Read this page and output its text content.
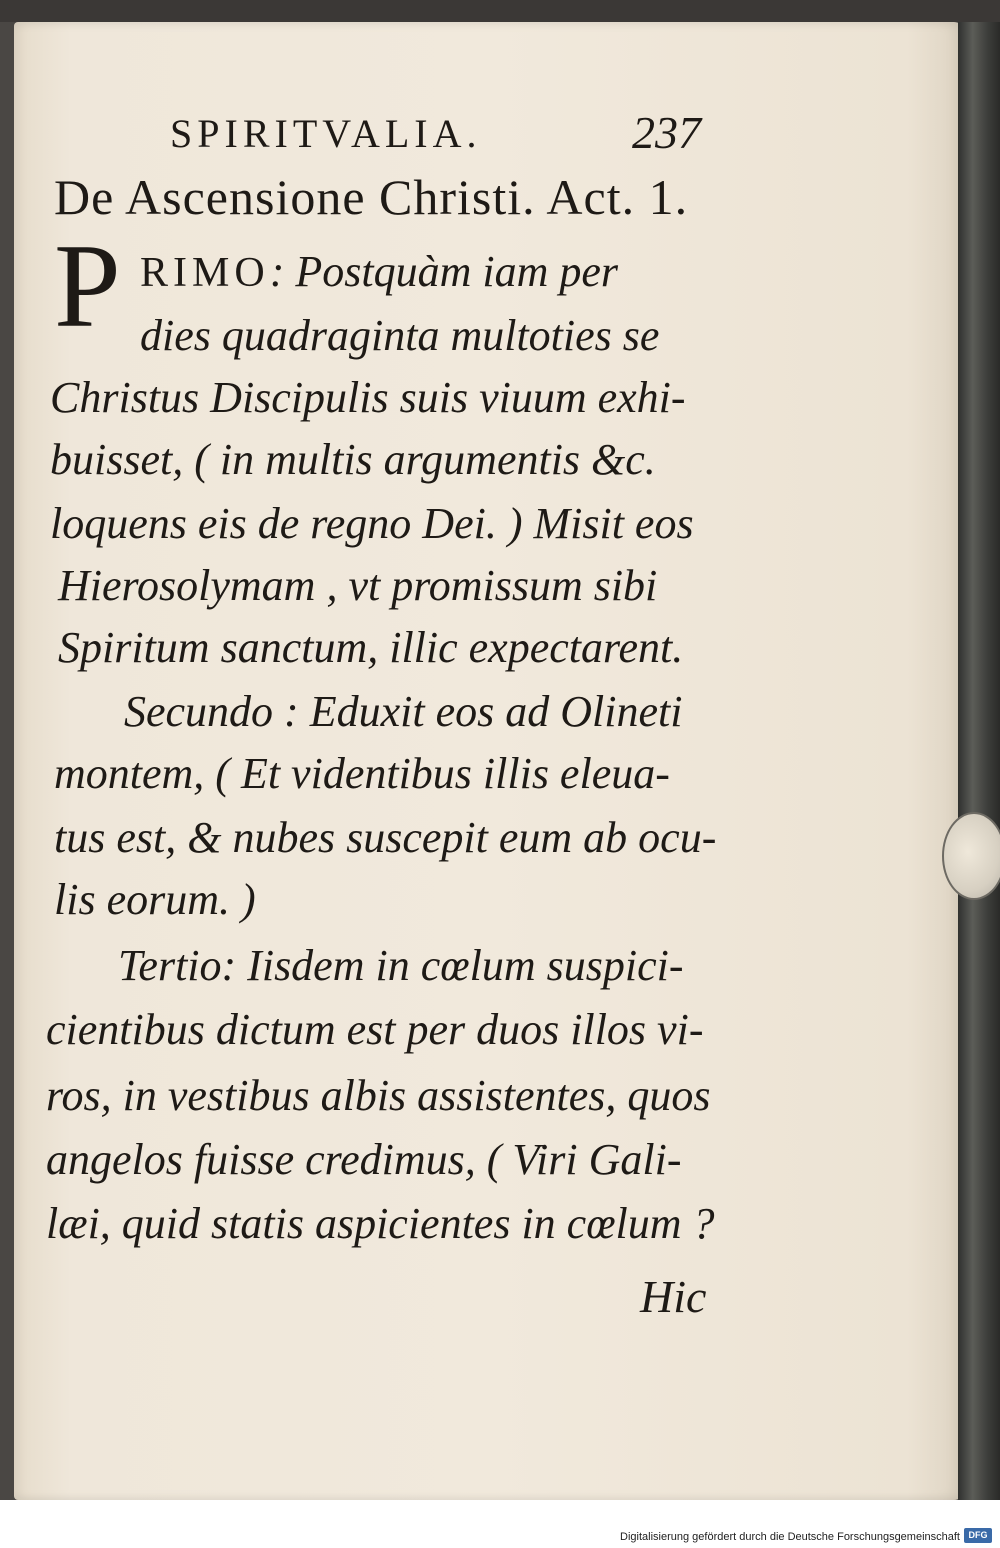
SPIRITVALIA.	237
De Ascensione Christi. Act. 1.
P RIMO: Postquàm iam per
dies quadraginta multoties se
Christus Discipulis suis viuum exhi-
buisset, ( in multis argumentis &c.
loquens eis de regno Dei. ) Misit eos
Hierosolymam , vt promissum sibi
Spiritum sanctum, illic expectarent.
Secundo : Eduxit eos ad Olineti
montem, ( Et videntibus illis eleua-
tus est, & nubes suscepit eum ab ocu-
lis eorum. )
Tertio: Iisdem in cœlum suspici-
cientibus dictum est per duos illos vi-
ros, in vestibus albis assistentes, quos
angelos fuisse credimus, ( Viri Gali-
læi, quid statis aspicientes in cœlum ?
Hic
Digitalisierung gefördert durch die Deutsche Forschungsgemeinschaft DFG
